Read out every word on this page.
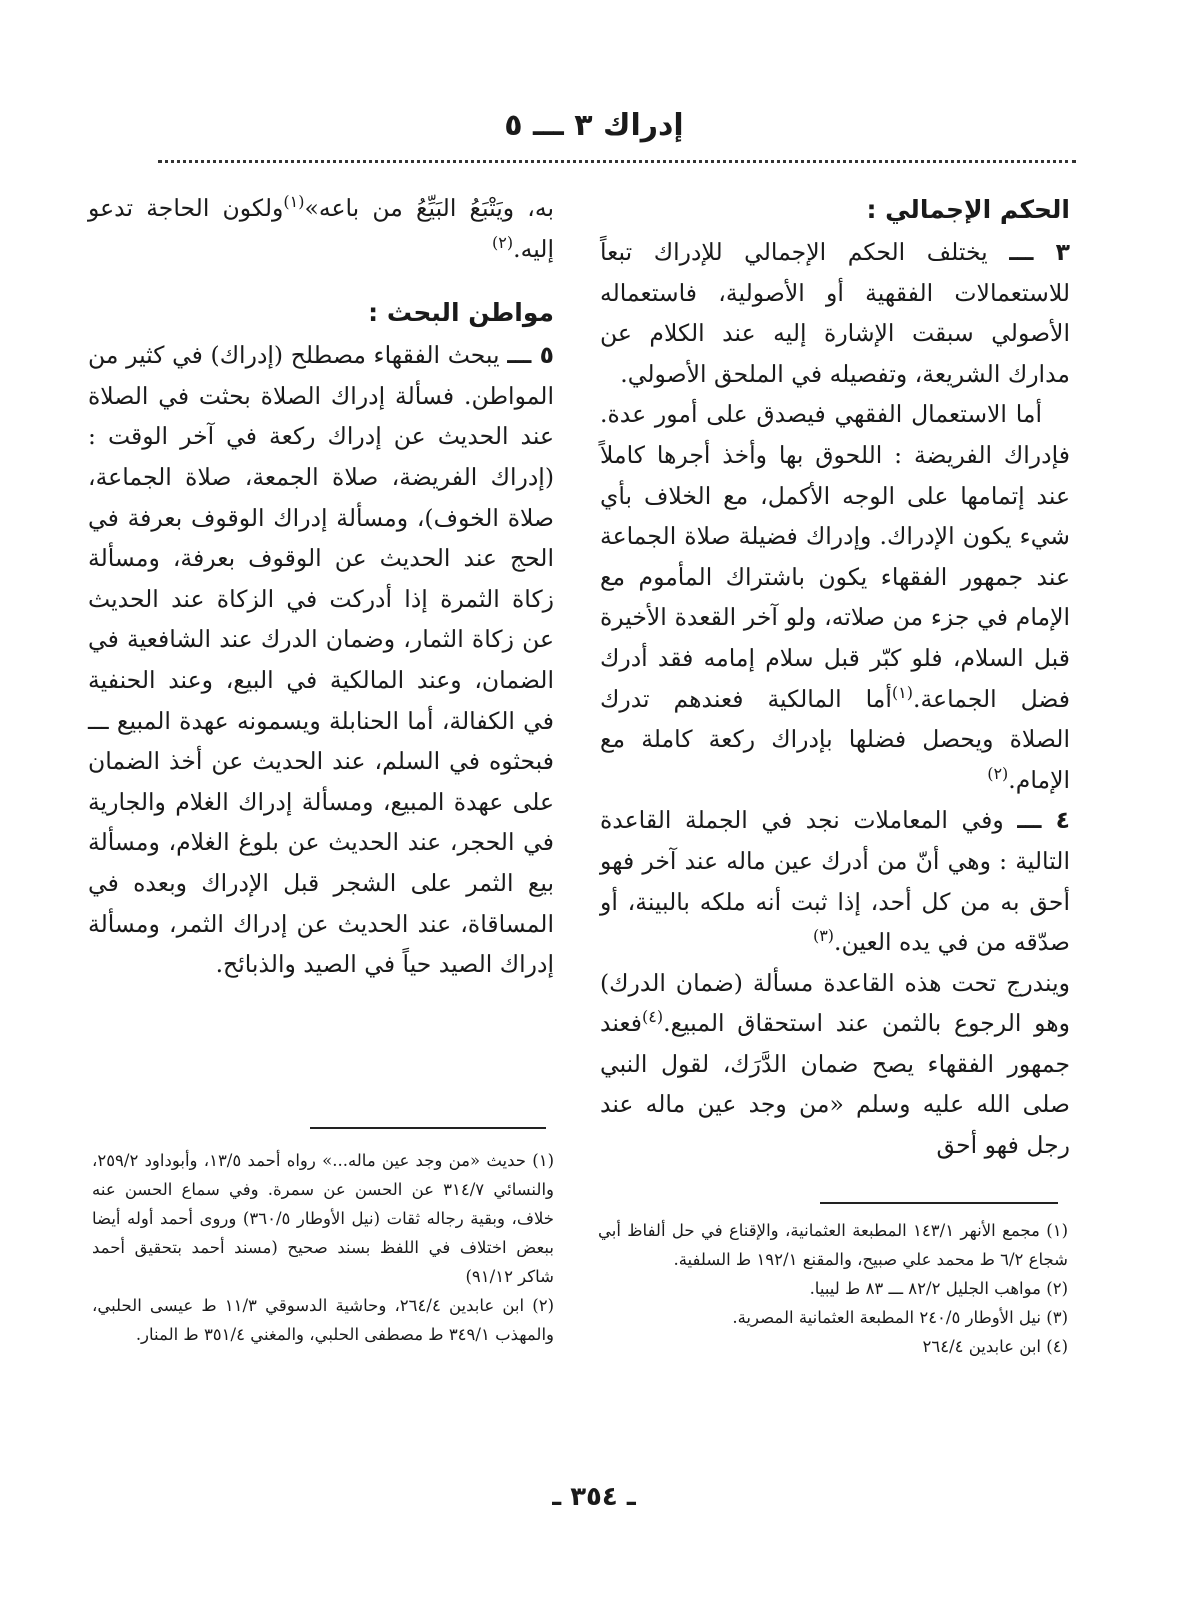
إدراك ٣ ـــ ٥

الحكم الإجمالي :

٣ ـــ يختلف الحكم الإجمالي للإدراك تبعاً للاستعمالات الفقهية أو الأصولية، فاستعماله الأصولي سبقت الإشارة إليه عند الكلام عن مدارك الشريعة، وتفصيله في الملحق الأصولي.

أما الاستعمال الفقهي فيصدق على أمور عدة. فإدراك الفريضة : اللحوق بها وأخذ أجرها كاملاً عند إتمامها على الوجه الأكمل، مع الخلاف بأي شيء يكون الإدراك. وإدراك فضيلة صلاة الجماعة عند جمهور الفقهاء يكون باشتراك المأموم مع الإمام في جزء من صلاته، ولو آخر القعدة الأخيرة قبل السلام، فلو كبّر قبل سلام إمامه فقد أدرك فضل الجماعة.$^{(١)}$أما المالكية فعندهم تدرك الصلاة ويحصل فضلها بإدراك ركعة كاملة مع الإمام.$^{(٢)}$

٤ ـــ وفي المعاملات نجد في الجملة القاعدة التالية : وهي أنّ من أدرك عين ماله عند آخر فهو أحق به من كل أحد، إذا ثبت أنه ملكه بالبينة، أو صدّقه من في يده العين.$^{(٣)}$

ويندرج تحت هذه القاعدة مسألة (ضمان الدرك) وهو الرجوع بالثمن عند استحقاق المبيع.$^{(٤)}$فعند جمهور الفقهاء يصح ضمان الدَّرَك، لقول النبي صلى الله عليه وسلم «من وجد عين ماله عند رجل فهو أحق

به، ويَتْبَعُ البَيِّعُ من باعه»$^{(١)}$ولكون الحاجة تدعو إليه.$^{(٢)}$

مواطن البحث :

٥ ـــ يبحث الفقهاء مصطلح (إدراك) في كثير من المواطن. فسألة إدراك الصلاة بحثت في الصلاة عند الحديث عن إدراك ركعة في آخر الوقت : (إدراك الفريضة، صلاة الجمعة، صلاة الجماعة، صلاة الخوف)، ومسألة إدراك الوقوف بعرفة في الحج عند الحديث عن الوقوف بعرفة، ومسألة زكاة الثمرة إذا أدركت في الزكاة عند الحديث عن زكاة الثمار، وضمان الدرك عند الشافعية في الضمان، وعند المالكية في البيع، وعند الحنفية في الكفالة، أما الحنابلة ويسمونه عهدة المبيع ـــ فبحثوه في السلم، عند الحديث عن أخذ الضمان على عهدة المبيع، ومسألة إدراك الغلام والجارية في الحجر، عند الحديث عن بلوغ الغلام، ومسألة بيع الثمر على الشجر قبل الإدراك وبعده في المساقاة، عند الحديث عن إدراك الثمر، ومسألة إدراك الصيد حياً في الصيد والذبائح.

(١) حديث «من وجد عين ماله...» رواه أحمد ١٣/٥، وأبوداود ٢٥٩/٢، والنسائي ٣١٤/٧ عن الحسن عن سمرة. وفي سماع الحسن عنه خلاف، وبقية رجاله ثقات (نيل الأوطار ٣٦٠/٥) وروى أحمد أوله أيضا ببعض اختلاف في اللفظ بسند صحيح (مسند أحمد بتحقيق أحمد شاكر ٩١/١٢)

(٢) ابن عابدين ٢٦٤/٤، وحاشية الدسوقي ١١/٣ ط عيسى الحلبي، والمهذب ٣٤٩/١ ط مصطفى الحلبي، والمغني ٣٥١/٤ ط المنار.

(١) مجمع الأنهر ١٤٣/١ المطبعة العثمانية، والإقناع في حل ألفاظ أبي شجاع ٦/٢ ط محمد علي صبيح، والمقنع ١٩٢/١ ط السلفية.

(٢) مواهب الجليل ٨٢/٢ ـــ ٨٣ ط ليبيا.

(٣) نيل الأوطار ٢٤٠/٥ المطبعة العثمانية المصرية.

(٤) ابن عابدين ٢٦٤/٤

ـ ٣٥٤ ـ
